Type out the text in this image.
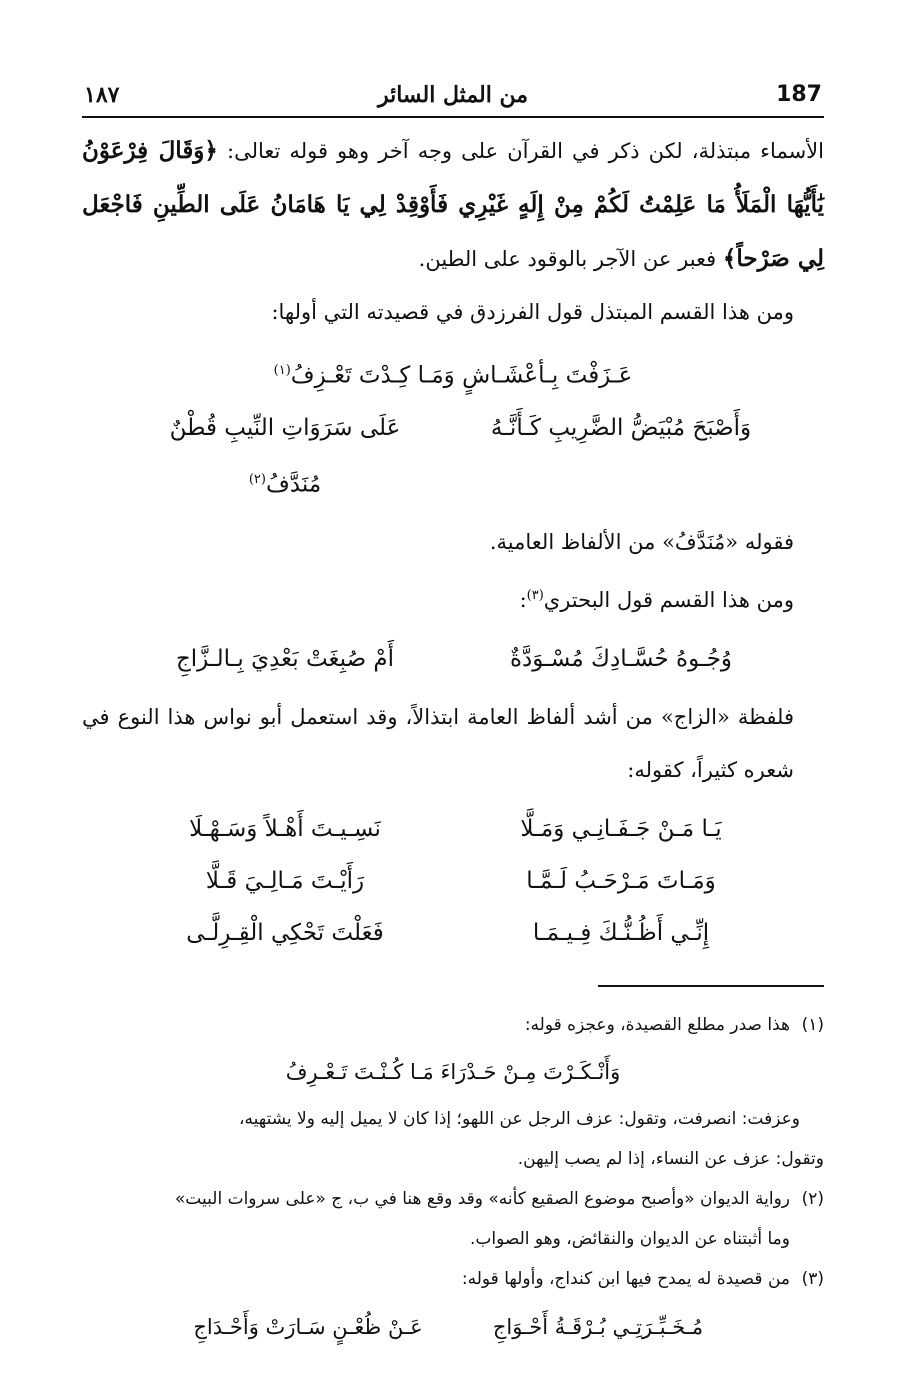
187
من المثل السائر
١٨٧

الأسماء مبتذلة، لكن ذكر في القرآن على وجه آخر وهو قوله تعالى: ﴿وَقَالَ فِرْعَوْنُ يَٰأَيُّهَا الْمَلَأُ مَا عَلِمْتُ لَكُمْ مِنْ إِلَهٍ غَيْرِي فَأَوْقِدْ لِي يَا هَامَانُ عَلَى الطِّينِ فَاجْعَل لِي صَرْحاً﴾ فعبر عن الآجر بالوقود على الطين.

ومن هذا القسم المبتذل قول الفرزدق في قصيدته التي أولها:

عَـزَفْتَ بِـأعْشَـاشٍ وَمَـا كِـدْتَ تَعْـزِفُ$^{(١)}$
وَأَصْبَحَ مُبْيَضُّ الضَّرِيبِ كَـأَنَّـهُ
عَلَى سَرَوَاتِ النِّيبِ قُطْنٌ مُنَدَّفُ$^{(٢)}$

فقوله «مُنَدَّفُ» من الألفاظ العامية.

ومن هذا القسم قول البحتري$^{(٣)}$:

وُجُـوهُ حُسَّـادِكَ مُسْـوَدَّةٌ
أَمْ صُبِغَتْ بَعْدِيَ بِـالـزَّاجِ

فلفظة «الزاج» من أشد ألفاظ العامة ابتذالاً، وقد استعمل أبو نواس هذا النوع في شعره كثيراً، كقوله:

يَـا مَـنْ جَـفَـانِـي وَمَـلَّا
نَسِـيـتَ أَهْـلاً وَسَـهْـلَا
وَمَـاتَ مَـرْحَـبُ لَـمَّـا
رَأَيْـتَ مَـالِـيَ قَـلَّا
إِنِّـي أَظُـنُّـكَ فِـيـمَـا
فَعَلْتَ تَحْكِي الْقِـرِلَّـى

(١)هذا صدر مطلع القصيدة، وعجزه قوله:

وَأَنْـكَـرْتَ مِـنْ حَـدْرَاءَ مَـا كُـنْـتَ تَـعْـرِفُ

وعزفت: انصرفت، وتقول: عزف الرجل عن اللهو؛ إذا كان لا يميل إليه ولا يشتهيه،

وتقول: عزف عن النساء، إذا لم يصب إليهن.

(٢)رواية الديوان «وأصبح موضوع الصقيع كأنه» وقد وقع هنا في ب، ج «على سروات البيت»

وما أثبتناه عن الديوان والنقائض، وهو الصواب.

(٣)من قصيدة له يمدح فيها ابن كنداج، وأولها قوله:

مُـخَـبِّـرَتِـي بُـرْقَـةُ أَحْـوَاجِ
عَـنْ ظُعْـنٍ سَـارَتْ وَأَحْـدَاجِ
